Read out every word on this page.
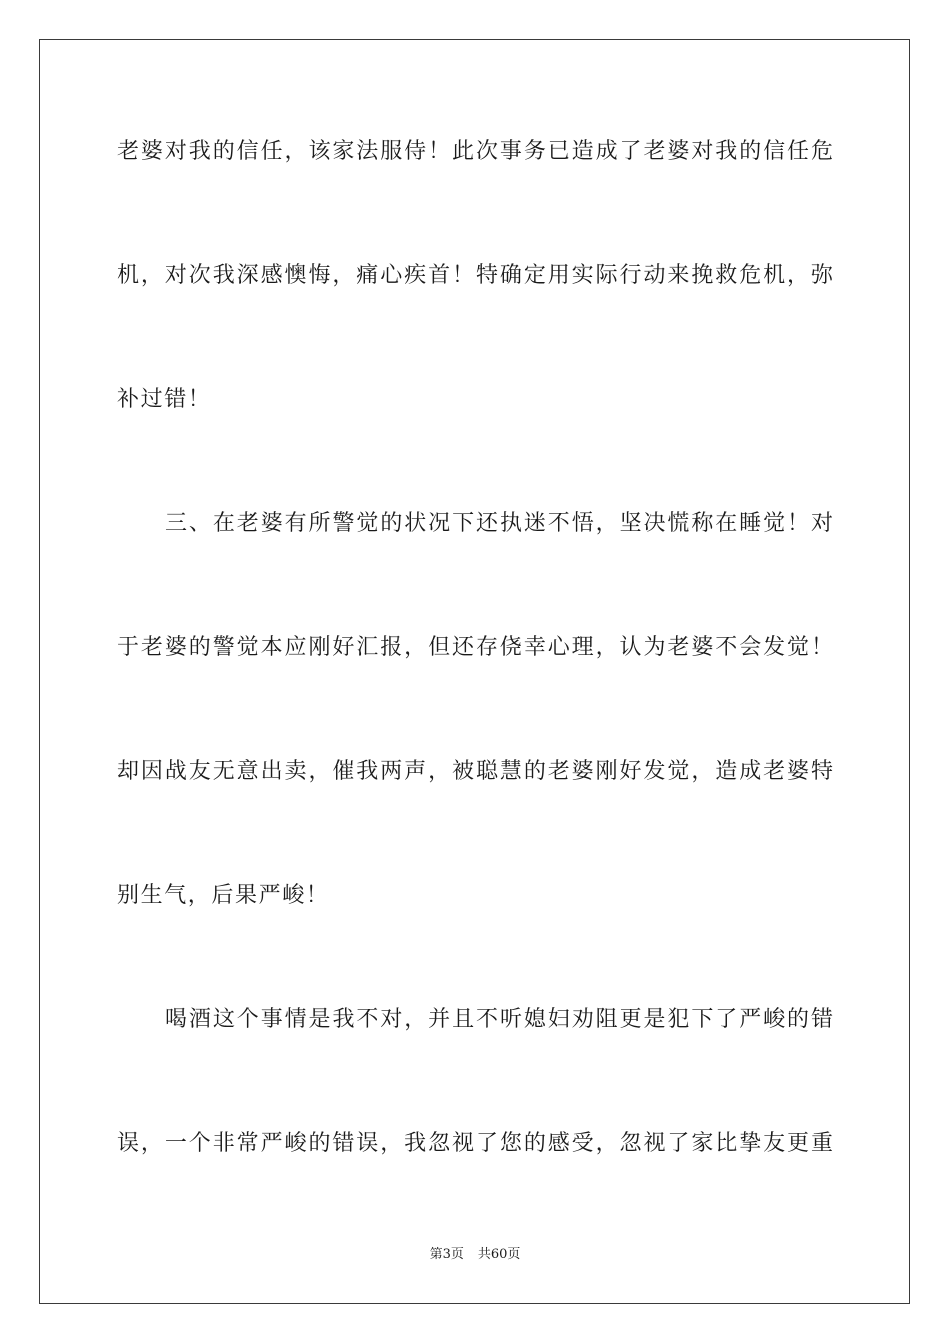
老婆对我的信任，该家法服侍！此次事务已造成了老婆对我的信任危
机，对次我深感懊悔，痛心疾首！特确定用实际行动来挽救危机，弥
补过错！
三、在老婆有所警觉的状况下还执迷不悟，坚决慌称在睡觉！对
于老婆的警觉本应刚好汇报，但还存侥幸心理，认为老婆不会发觉！
却因战友无意出卖，催我两声，被聪慧的老婆刚好发觉，造成老婆特
别生气，后果严峻！
喝酒这个事情是我不对，并且不听媳妇劝阻更是犯下了严峻的错
误，一个非常严峻的错误，我忽视了您的感受，忽视了家比挚友更重
第3页 共60页
